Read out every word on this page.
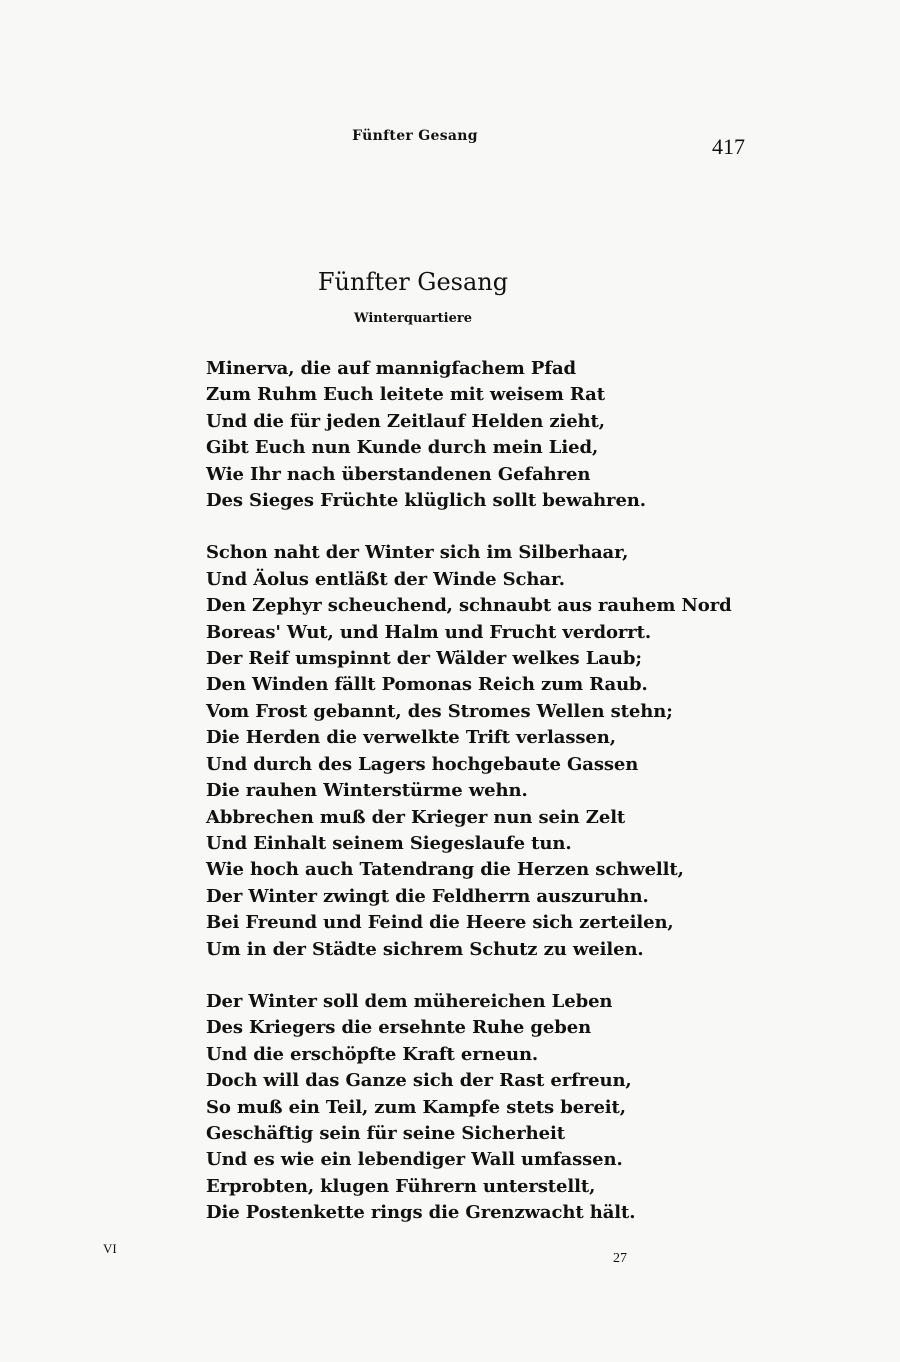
Fünfter Gesang	417
Fünfter Gesang
Winterquartiere
Minerva, die auf mannigfachem Pfad
Zum Ruhm Euch leitete mit weisem Rat
Und die für jeden Zeitlauf Helden zieht,
Gibt Euch nun Kunde durch mein Lied,
Wie Ihr nach überstandenen Gefahren
Des Sieges Früchte klüglich sollt bewahren.
Schon naht der Winter sich im Silberhaar,
Und Äolus entläßt der Winde Schar.
Den Zephyr scheuchend, schnaubt aus rauhem Nord
Boreas' Wut, und Halm und Frucht verdorrt.
Der Reif umspinnt der Wälder welkes Laub;
Den Winden fällt Pomonas Reich zum Raub.
Vom Frost gebannt, des Stromes Wellen stehn;
Die Herden die verwelkte Trift verlassen,
Und durch des Lagers hochgebaute Gassen
Die rauhen Winterstürme wehn.
Abbrechen muß der Krieger nun sein Zelt
Und Einhalt seinem Siegeslaufe tun.
Wie hoch auch Tatendrang die Herzen schwellt,
Der Winter zwingt die Feldherrn auszuruhn.
Bei Freund und Feind die Heere sich zerteilen,
Um in der Städte sichrem Schutz zu weilen.
Der Winter soll dem mühereichen Leben
Des Kriegers die ersehnte Ruhe geben
Und die erschöpfte Kraft erneun.
Doch will das Ganze sich der Rast erfreun,
So muß ein Teil, zum Kampfe stets bereit,
Geschäftig sein für seine Sicherheit
Und es wie ein lebendiger Wall umfassen.
Erprobten, klugen Führern unterstellt,
Die Postenkette rings die Grenzwacht hält.
VI
27
